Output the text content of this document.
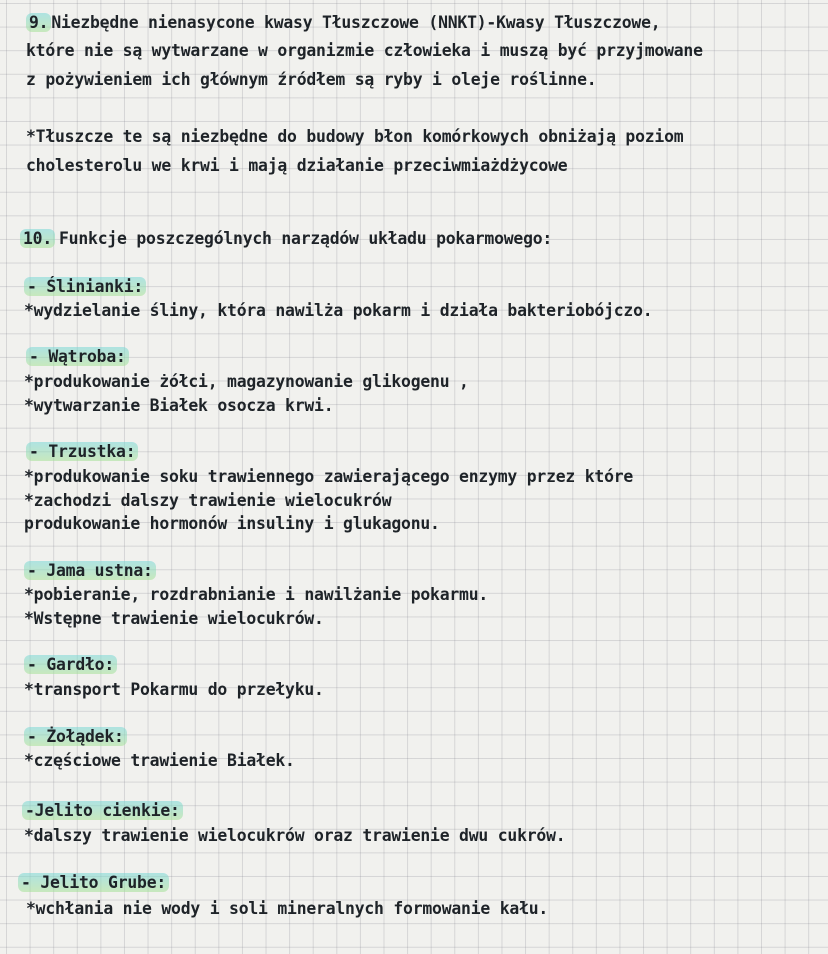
9. Niezbędne nienasycone kwasy Tłuszczowe (NNKT)-Kwasy Tłuszczowe,
które nie są wytwarzane w organizmie człowieka i muszą być przyjmowane
z pożywieniem ich głównym źródłem są ryby i oleje roślinne.
*Tłuszcze te są niezbędne do budowy błon komórkowych obniżają poziom
cholesterolu we krwi i mają działanie przeciwmiażdżycowe
10. Funkcje poszczególnych narządów układu pokarmowego:
- Ślinianki:
*wydzielanie śliny, która nawilża pokarm i działa bakteriobójczo.
- Wątroba:
*produkowanie żółci, magazynowanie glikogenu ,
*wytwarzanie Białek osocza krwi.
- Trzustka:
*produkowanie soku trawiennego zawierającego enzymy przez które
*zachodzi dalszy trawienie wielocukrów
produkowanie hormonów insuliny i glukagonu.
- Jama ustna:
*pobieranie, rozdrabnianie i nawilżanie pokarmu.
*Wstępne trawienie wielocukrów.
- Gardło:
*transport Pokarmu do przełyku.
- Żołądek:
*częściowe trawienie Białek.
-Jelito cienkie:
*dalszy trawienie wielocukrów oraz trawienie dwu cukrów.
- Jelito Grube:
*wchłania nie wody i soli mineralnych formowanie kału.
